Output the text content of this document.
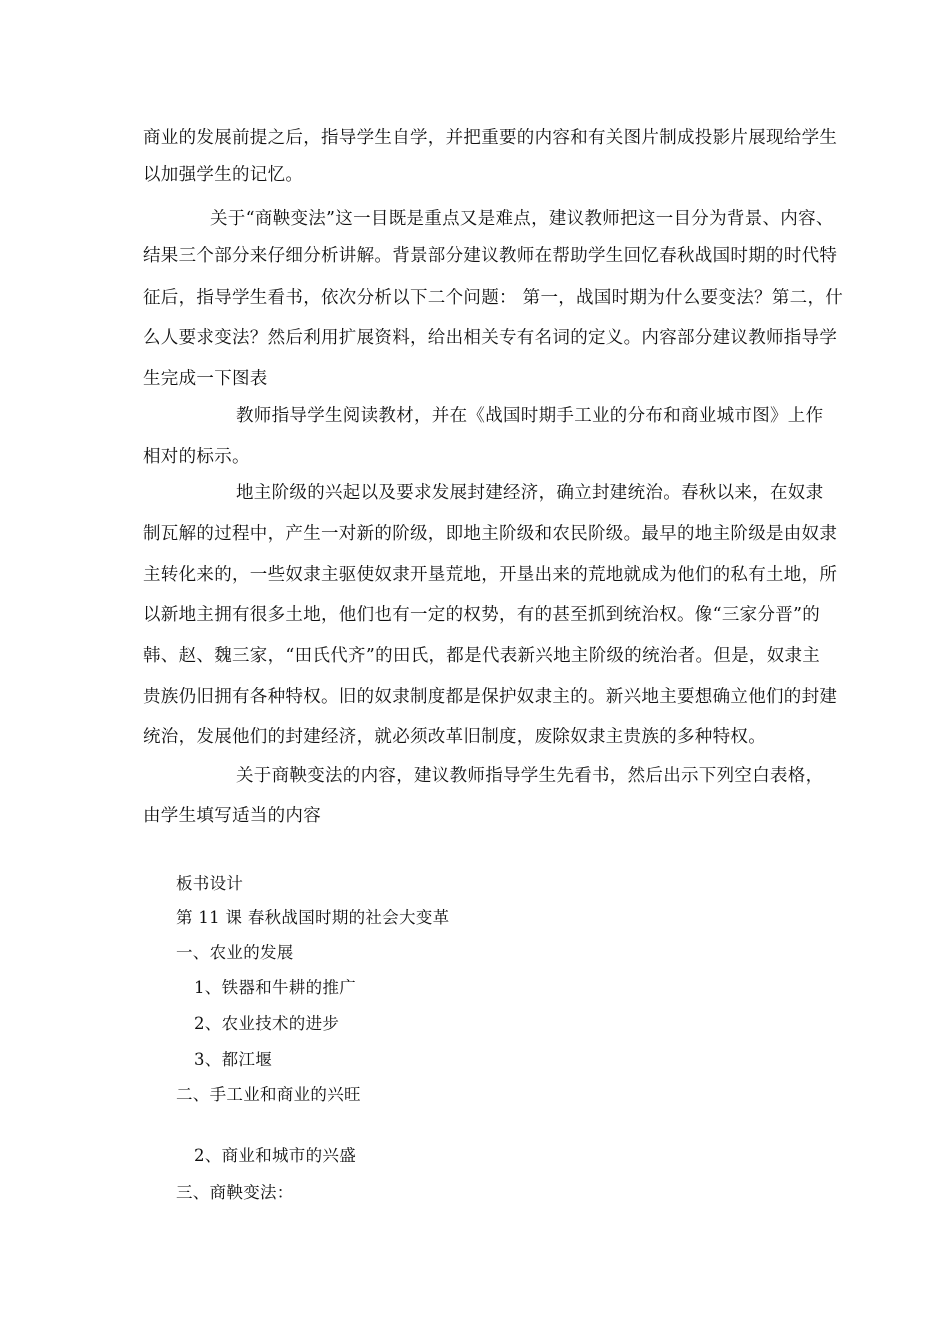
商业的发展前提之后，指导学生自学，并把重要的内容和有关图片制成投影片展现给学生
以加强学生的记忆。
关于“商鞅变法”这一目既是重点又是难点，建议教师把这一目分为背景、内容、
结果三个部分来仔细分析讲解。背景部分建议教师在帮助学生回忆春秋战国时期的时代特
征后，指导学生看书，依次分析以下二个问题： 第一，战国时期为什么要变法？第二，什
么人要求变法？然后利用扩展资料，给出相关专有名词的定义。内容部分建议教师指导学
生完成一下图表
教师指导学生阅读教材，并在《战国时期手工业的分布和商业城市图》上作
相对的标示。
地主阶级的兴起以及要求发展封建经济，确立封建统治。春秋以来，在奴隶
制瓦解的过程中，产生一对新的阶级，即地主阶级和农民阶级。最早的地主阶级是由奴隶
主转化来的，一些奴隶主驱使奴隶开垦荒地，开垦出来的荒地就成为他们的私有土地，所
以新地主拥有很多土地，他们也有一定的权势，有的甚至抓到统治权。像“三家分晋”的
韩、赵、魏三家，“田氏代齐”的田氏，都是代表新兴地主阶级的统治者。但是，奴隶主
贵族仍旧拥有各种特权。旧的奴隶制度都是保护奴隶主的。新兴地主要想确立他们的封建
统治，发展他们的封建经济，就必须改革旧制度，废除奴隶主贵族的多种特权。
关于商鞅变法的内容，建议教师指导学生先看书，然后出示下列空白表格，
由学生填写适当的内容
板书设计
第 11 课 春秋战国时期的社会大变革
一、农业的发展
1、铁器和牛耕的推广
2、农业技术的进步
3、都江堰
二、手工业和商业的兴旺
2、商业和城市的兴盛
三、商鞅变法：
